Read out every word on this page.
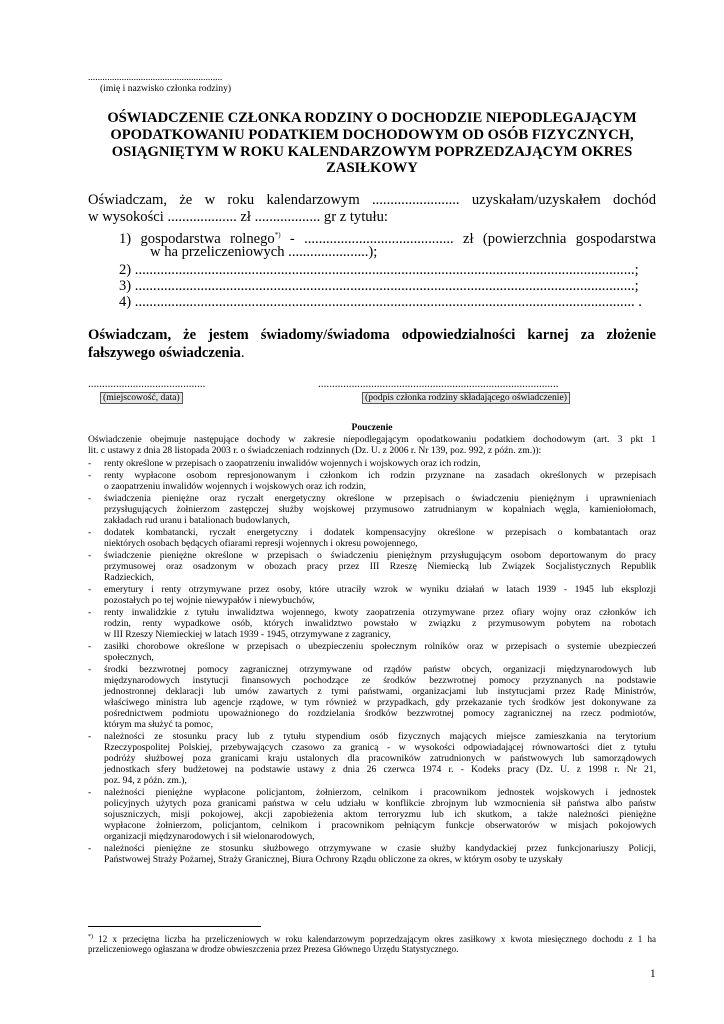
........................................................
(imię i nazwisko członka rodziny)
OŚWIADCZENIE CZŁONKA RODZINY O DOCHODZIE NIEPODLEGAJĄCYM
OPODATKOWANIU PODATKIEM DOCHODOWYM OD OSÓB FIZYCZNYCH,
OSIĄGNIĘTYM W ROKU KALENDARZOWYM POPRZEDZAJĄCYM OKRES
ZASIŁKOWY
Oświadczam, że w roku kalendarzowym ........................ uzyskałam/uzyskałem dochód
w wysokości ................... zł .................. gr z tytułu:
1) gospodarstwa rolnego*) - ......................................... zł (powierzchnia gospodarstwa
w ha przeliczeniowych ......................);
2) .........................................................................................................................................;
3) .........................................................................................................................................;
4) ......................................................................................................................................... .
Oświadczam, że jestem świadomy/świadoma odpowiedzialności karnej za złożenie
fałszywego oświadczenia.
..........................................	......................................................................................
(miejscowość, data)	(podpis członka rodziny składającego oświadczenie)
Pouczenie
Oświadczenie obejmuje następujące dochody w zakresie niepodlegającym opodatkowaniu podatkiem dochodowym (art. 3 pkt 1
lit. c ustawy z dnia 28 listopada 2003 r. o świadczeniach rodzinnych (Dz. U. z 2006 r. Nr 139, poz. 992, z późn. zm.)):
- renty określone w przepisach o zaopatrzeniu inwalidów wojennych i wojskowych oraz ich rodzin,
- renty wypłacone osobom represjonowanym i członkom ich rodzin przyznane na zasadach określonych w przepisach
o zaopatrzeniu inwalidów wojennych i wojskowych oraz ich rodzin,
- świadczenia pieniężne oraz ryczałt energetyczny określone w przepisach o świadczeniu pieniężnym i uprawnieniach
przysługujących żołnierzom zastępczej służby wojskowej przymusowo zatrudnianym w kopalniach węgla, kamieniołomach,
zakładach rud uranu i batalionach budowlanych,
- dodatek kombatancki, ryczałt energetyczny i dodatek kompensacyjny określone w przepisach o kombatantach oraz
niektórych osobach będących ofiarami represji wojennych i okresu powojennego,
- świadczenie pieniężne określone w przepisach o świadczeniu pieniężnym przysługującym osobom deportowanym do pracy
przymusowej oraz osadzonym w obozach pracy przez III Rzeszę Niemiecką lub Związek Socjalistycznych Republik
Radzieckich,
- emerytury i renty otrzymywane przez osoby, które utraciły wzrok w wyniku działań w latach 1939 - 1945 lub eksplozji
pozostałych po tej wojnie niewypałów i niewybuchów,
- renty inwalidzkie z tytułu inwalidztwa wojennego, kwoty zaopatrzenia otrzymywane przez ofiary wojny oraz członków ich
rodzin, renty wypadkowe osób, których inwalidztwo powstało w związku z przymusowym pobytem na robotach
w III Rzeszy Niemieckiej w latach 1939 - 1945, otrzymywane z zagranicy,
- zasiłki chorobowe określone w przepisach o ubezpieczeniu społecznym rolników oraz w przepisach o systemie ubezpieczeń
społecznych,
- środki bezzwrotnej pomocy zagranicznej otrzymywane od rządów państw obcych, organizacji międzynarodowych lub
międzynarodowych instytucji finansowych pochodzące ze środków bezzwrotnej pomocy przyznanych na podstawie
jednostronnej deklaracji lub umów zawartych z tymi państwami, organizacjami lub instytucjami przez Radę Ministrów,
właściwego ministra lub agencje rządowe, w tym również w przypadkach, gdy przekazanie tych środków jest dokonywane za
pośrednictwem podmiotu upoważnionego do rozdzielania środków bezzwrotnej pomocy zagranicznej na rzecz podmiotów,
którym ma służyć ta pomoc,
- należności ze stosunku pracy lub z tytułu stypendium osób fizycznych mających miejsce zamieszkania na terytorium
Rzeczypospolitej Polskiej, przebywających czasowo za granicą - w wysokości odpowiadającej równowartości diet z tytułu
podróży służbowej poza granicami kraju ustalonych dla pracowników zatrudnionych w państwowych lub samorządowych
jednostkach sfery budżetowej na podstawie ustawy z dnia 26 czerwca 1974 r. - Kodeks pracy (Dz. U. z 1998 r. Nr 21,
poz. 94, z późn. zm.),
- należności pieniężne wypłacone policjantom, żołnierzom, celnikom i pracownikom jednostek wojskowych i jednostek
policyjnych użytych poza granicami państwa w celu udziału w konflikcie zbrojnym lub wzmocnienia sił państwa albo państw
sojuszniczych, misji pokojowej, akcji zapobieżenia aktom terroryzmu lub ich skutkom, a także należności pieniężne
wypłacone żołnierzom, policjantom, celnikom i pracownikom pełniącym funkcje obserwatorów w misjach pokojowych
organizacji międzynarodowych i sił wielonarodowych,
- należności pieniężne ze stosunku służbowego otrzymywane w czasie służby kandydackiej przez funkcjonariuszy Policji,
Państwowej Straży Pożarnej, Straży Granicznej, Biura Ochrony Rządu obliczone za okres, w którym osoby te uzyskały
*) 12 x przeciętna liczba ha przeliczeniowych w roku kalendarzowym poprzedzającym okres zasiłkowy x kwota miesięcznego dochodu z 1 ha
przeliczeniowego ogłaszana w drodze obwieszczenia przez Prezesa Głównego Urzędu Statystycznego.
1
